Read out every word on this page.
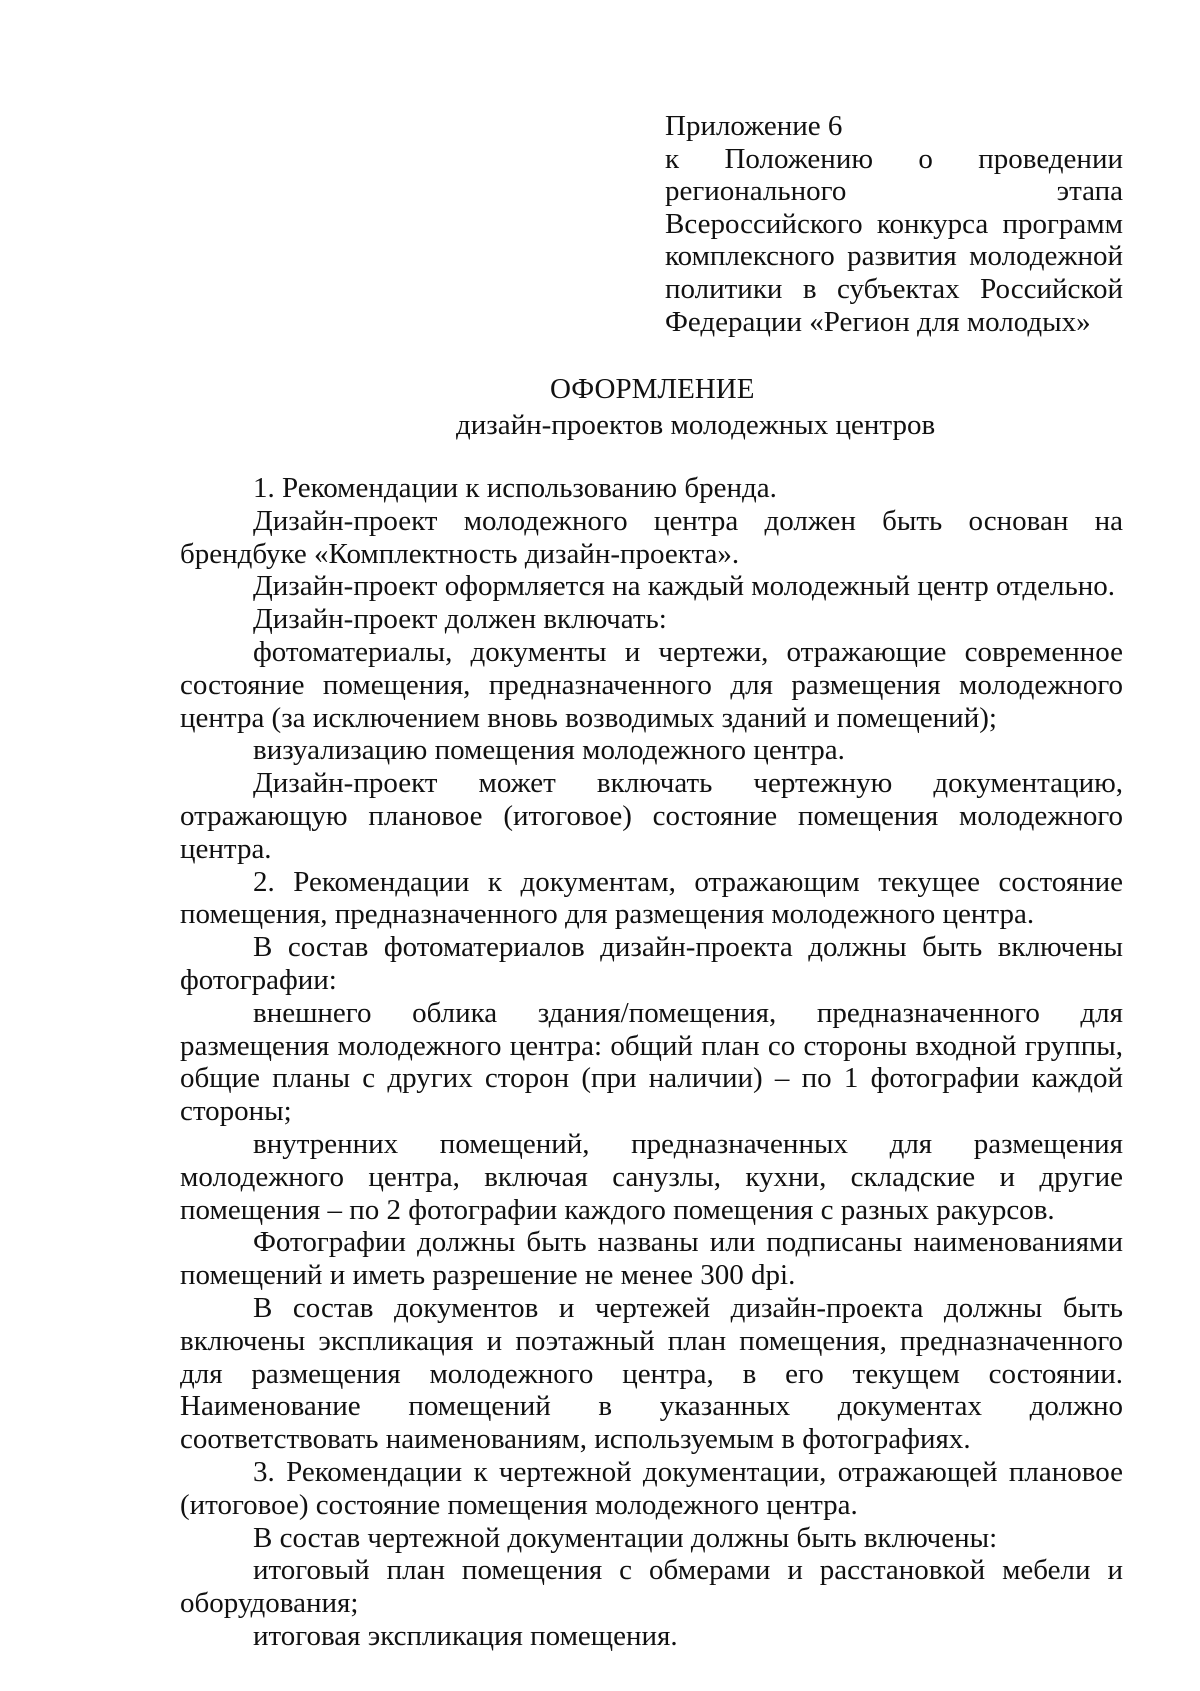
Приложение 6
к Положению о проведении регионального этапа Всероссийского конкурса программ комплексного развития молодежной политики в субъектах Российской Федерации «Регион для молодых»
ОФОРМЛЕНИЕ
дизайн-проектов молодежных центров

1. Рекомендации к использованию бренда.

Дизайн-проект молодежного центра должен быть основан на брендбуке «Комплектность дизайн-проекта».

Дизайн-проект оформляется на каждый молодежный центр отдельно.

Дизайн-проект должен включать:

фотоматериалы, документы и чертежи, отражающие современное состояние помещения, предназначенного для размещения молодежного центра (за исключением вновь возводимых зданий и помещений);

визуализацию помещения молодежного центра.

Дизайн-проект может включать чертежную документацию, отражающую плановое (итоговое) состояние помещения молодежного центра.

2. Рекомендации к документам, отражающим текущее состояние помещения, предназначенного для размещения молодежного центра.

В состав фотоматериалов дизайн-проекта должны быть включены фотографии:

внешнего облика здания/помещения, предназначенного для размещения молодежного центра: общий план со стороны входной группы, общие планы с других сторон (при наличии) – по 1 фотографии каждой стороны;

внутренних помещений, предназначенных для размещения молодежного центра, включая санузлы, кухни, складские и другие помещения – по 2 фотографии каждого помещения с разных ракурсов.

Фотографии должны быть названы или подписаны наименованиями помещений и иметь разрешение не менее 300 dpi.

В состав документов и чертежей дизайн-проекта должны быть включены экспликация и поэтажный план помещения, предназначенного для размещения молодежного центра, в его текущем состоянии. Наименование помещений в указанных документах должно соответствовать наименованиям, используемым в фотографиях.

3. Рекомендации к чертежной документации, отражающей плановое (итоговое) состояние помещения молодежного центра.

В состав чертежной документации должны быть включены:

итоговый план помещения с обмерами и расстановкой мебели и оборудования;

итоговая экспликация помещения.
